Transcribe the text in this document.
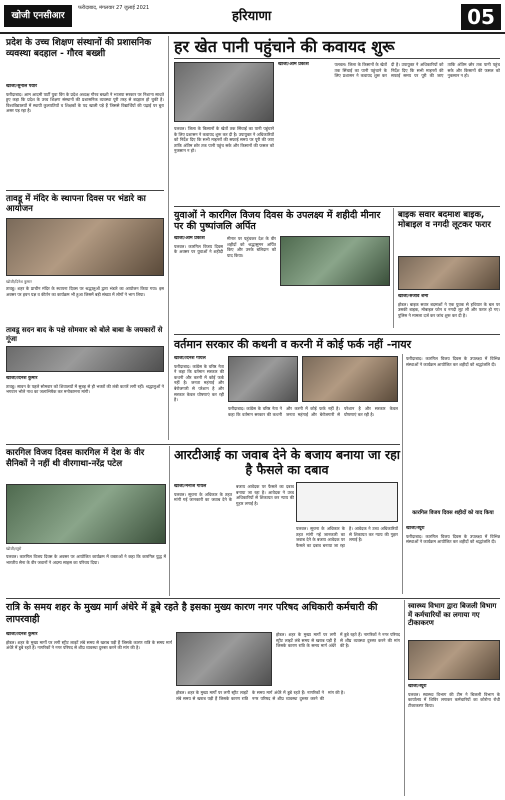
खोजी एनसीआर
फरीदाबाद, मंगलवार 27 जुलाई 2021
हरियाणा	05
प्रदेश के उच्च शिक्षण संस्थानों की प्रशासनिक व्यवस्था बदहाल - गौरव बख्शी
खोजी/सुनील पंवार

फरीदाबाद। आम आदमी पार्टी युवा विंग के प्रदेश अध्यक्ष गौरव बख्शी ने भाजपा सरकार पर निशाना साधते हुए कहा कि प्रदेश के उच्च शिक्षण संस्थानों की प्रशासनिक व्यवस्था पूरी तरह से बदहाल हो चुकी है। विश्वविद्यालयों में स्थायी कुलपतियों व शिक्षकों के पद खाली पड़े हैं जिससे विद्यार्थियों की पढ़ाई पर बुरा असर पड़ रहा है।

हर खेत पानी पहुंचाने की कवायद शुरू
खोजी/ओम प्रकाश	पलवल। जिला के किसानों के खेतों तक सिंचाई का पानी पहुंचाने के लिए प्रशासन ने कवायद शुरू कर दी है। उपायुक्त ने अधिकारियों को निर्देश दिए कि सभी माइनरों की सफाई समय पर पूरी की जाए ताकि अंतिम छोर तक पानी पहुंच सके और किसानों की फसल को नुकसान न हो।

पलवल। जिला के किसानों के खेतों तक सिंचाई का पानी पहुंचाने के लिए प्रशासन ने कवायद शुरू कर दी है। उपायुक्त ने अधिकारियों को निर्देश दिए कि सभी माइनरों की सफाई समय पर पूरी की जाए ताकि अंतिम छोर तक पानी पहुंच सके और किसानों की फसल को नुकसान न हो।

तावडू में मंदिर के स्थापना दिवस पर भंडारे का आयोजन
खोजी/दिनेश कुमार

तावडू। शहर के प्राचीन मंदिर के स्थापना दिवस पर श्रद्धालुओं द्वारा भंडारे का आयोजन किया गया। इस अवसर पर हवन यज्ञ व कीर्तन का कार्यक्रम भी हुआ जिसमें बड़ी संख्या में लोगों ने भाग लिया।

तावडू सदन बाद के पक्षे सोमवार को बोले बाबा के जयकारों से गूंजा
खोजी/दिनेश कुमार

तावडू। सावन के पहले सोमवार को शिवालयों में सुबह से ही भक्तों की लंबी कतारें लगी रहीं। श्रद्धालुओं ने भगवान भोले नाथ का जलाभिषेक कर मनोकामना मांगी।

युवाओं ने कारगिल विजय दिवस के उपलक्ष्य में शहीदी मीनार पर की पुष्पांजलि अर्पित
खोजी/ओम प्रकाश

पलवल। कारगिल विजय दिवस के अवसर पर युवाओं ने शहीदी मीनार पर पहुंचकर देश के वीर शहीदों को श्रद्धासुमन अर्पित किए और उनके बलिदान को याद किया।

बाइक सवार बदमाश बाइक, मोबाइल व नगदी लूटकर फरार
खोजी/संजीव शर्मा

होडल। बाइक सवार बदमाशों ने एक युवक से हथियार के बल पर उसकी बाइक, मोबाइल फोन व नगदी लूट ली और फरार हो गए। पुलिस ने मामला दर्ज कर जांच शुरू कर दी है।

वर्तमान सरकार की कथनी व करनी में कोई फर्क नहीं -नायर
खोजी/दिनेश गोयल

फरीदाबाद। कांग्रेस के वरिष्ठ नेता ने कहा कि वर्तमान सरकार की कथनी और करनी में कोई फर्क नहीं है। जनता महंगाई और बेरोजगारी से परेशान है और सरकार केवल घोषणाएं कर रही है।

फरीदाबाद। कांग्रेस के वरिष्ठ नेता ने कहा कि वर्तमान सरकार की कथनी और करनी में कोई फर्क नहीं है। जनता महंगाई और बेरोजगारी से परेशान है और सरकार केवल घोषणाएं कर रही है।

फरीदाबाद। कारगिल विजय दिवस के उपलक्ष्य में विभिन्न संस्थाओं ने कार्यक्रम आयोजित कर शहीदों को श्रद्धांजलि दी।

कारगिल विजय दिवस शहीदों को याद किया
खोजी/ब्यूरो

फरीदाबाद। कारगिल विजय दिवस के उपलक्ष्य में विभिन्न संस्थाओं ने कार्यक्रम आयोजित कर शहीदों को श्रद्धांजलि दी।

आरटीआई का जवाब देने के बजाय बनाया जा रहा है फैसले का दबाव
खोजी/मनोज गोयल

पलवल। सूचना के अधिकार के तहत मांगी गई जानकारी का जवाब देने के बजाय आवेदक पर फैसले का दबाव बनाया जा रहा है। आवेदक ने उच्च अधिकारियों से शिकायत कर न्याय की गुहार लगाई है।

पलवल। सूचना के अधिकार के तहत मांगी गई जानकारी का जवाब देने के बजाय आवेदक पर फैसले का दबाव बनाया जा रहा है। आवेदक ने उच्च अधिकारियों से शिकायत कर न्याय की गुहार लगाई है।

कारगिल विजय दिवस कारगिल में देश के वीर सैनिकों ने नहीं थी वीरगाथा-नरेंद्र पटेल
खोजी/ब्यूरो

पलवल। कारगिल विजय दिवस के अवसर पर आयोजित कार्यक्रम में वक्ताओं ने कहा कि कारगिल युद्ध में भारतीय सेना के वीर जवानों ने अदम्य साहस का परिचय दिया।

रात्रि के समय शहर के मुख्य मार्ग अंधेरे में डूबे रहते है इसका मुख्य कारण नगर परिषद अधिकारी कर्मचारी की लापरवाही
खोजी/दिनेश कुमार

होडल। शहर के मुख्य मार्गों पर लगी स्ट्रीट लाइटें लंबे समय से खराब पड़ी हैं जिसके कारण रात्रि के समय मार्ग अंधेरे में डूबे रहते हैं। नागरिकों ने नगर परिषद से शीघ्र व्यवस्था दुरुस्त करने की मांग की है।

होडल। शहर के मुख्य मार्गों पर लगी स्ट्रीट लाइटें लंबे समय से खराब पड़ी हैं जिसके कारण रात्रि के समय मार्ग अंधेरे में डूबे रहते हैं। नागरिकों ने नगर परिषद से शीघ्र व्यवस्था दुरुस्त करने की मांग की है।

होडल। शहर के मुख्य मार्गों पर लगी स्ट्रीट लाइटें लंबे समय से खराब पड़ी हैं जिसके कारण रात्रि के समय मार्ग अंधेरे में डूबे रहते हैं। नागरिकों ने नगर परिषद से शीघ्र व्यवस्था दुरुस्त करने की मांग की है।

स्वास्थ्य विभाग द्वारा बिजली विभाग में कर्मचारियों का लगाया गए टीकाकरण
खोजी/ब्यूरो

पलवल। स्वास्थ्य विभाग की टीम ने बिजली विभाग के कार्यालय में शिविर लगाकर कर्मचारियों का कोरोना रोधी टीकाकरण किया।
